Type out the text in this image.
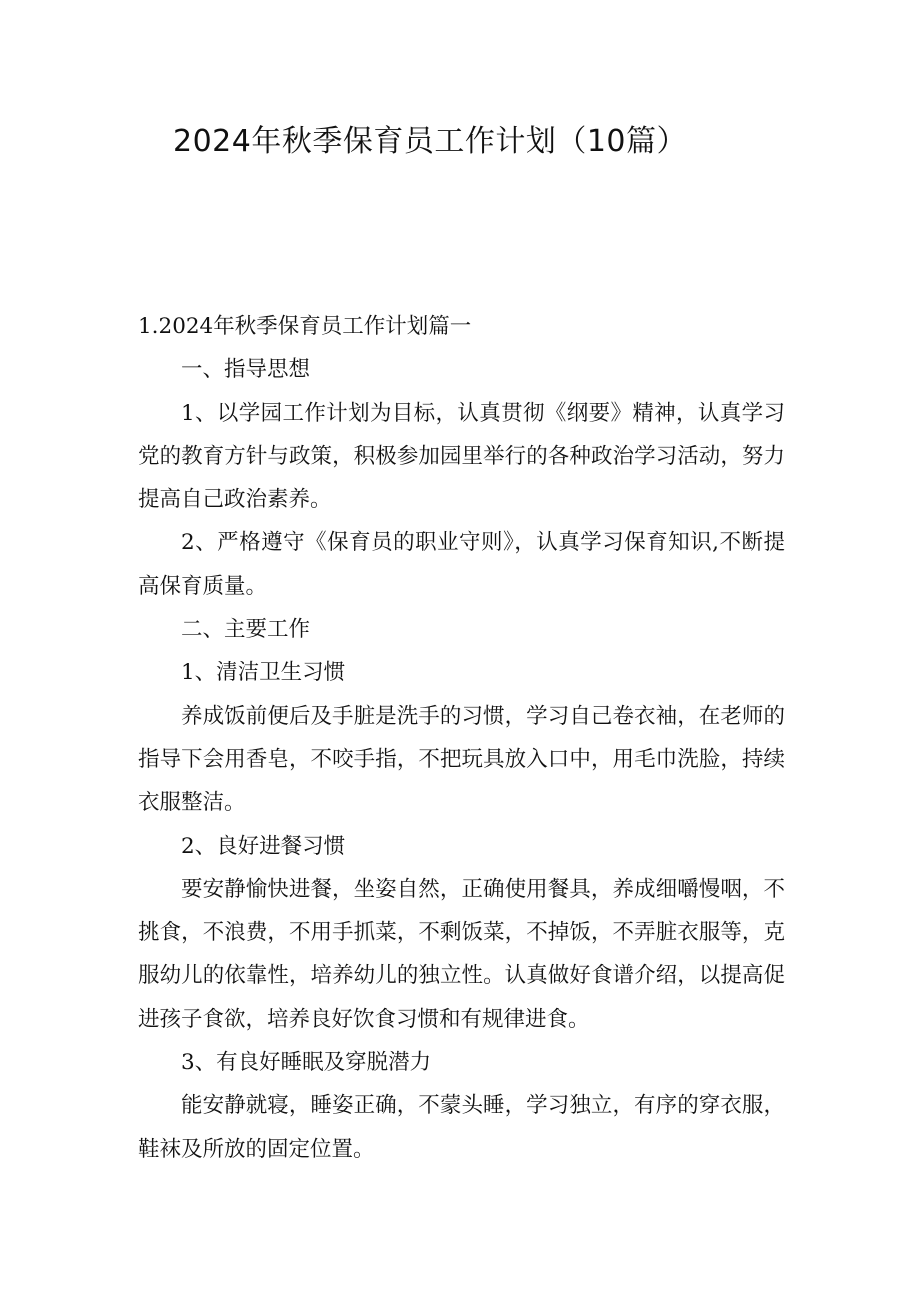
2024年秋季保育员工作计划（10篇）

1.2024年秋季保育员工作计划篇一

一、指导思想

1、以学园工作计划为目标，认真贯彻《纲要》精神，认真学习党的教育方针与政策，积极参加园里举行的各种政治学习活动，努力提高自己政治素养。

2、严格遵守《保育员的职业守则》，认真学习保育知识,不断提高保育质量。

二、主要工作

1、清洁卫生习惯

养成饭前便后及手脏是洗手的习惯，学习自己卷衣袖，在老师的指导下会用香皂，不咬手指，不把玩具放入口中，用毛巾洗脸，持续衣服整洁。

2、良好进餐习惯

要安静愉快进餐，坐姿自然，正确使用餐具，养成细嚼慢咽，不挑食，不浪费，不用手抓菜，不剩饭菜，不掉饭，不弄脏衣服等，克服幼儿的依靠性，培养幼儿的独立性。认真做好食谱介绍，以提高促进孩子食欲，培养良好饮食习惯和有规律进食。

3、有良好睡眠及穿脱潜力

能安静就寝，睡姿正确，不蒙头睡，学习独立，有序的穿衣服，鞋袜及所放的固定位置。
